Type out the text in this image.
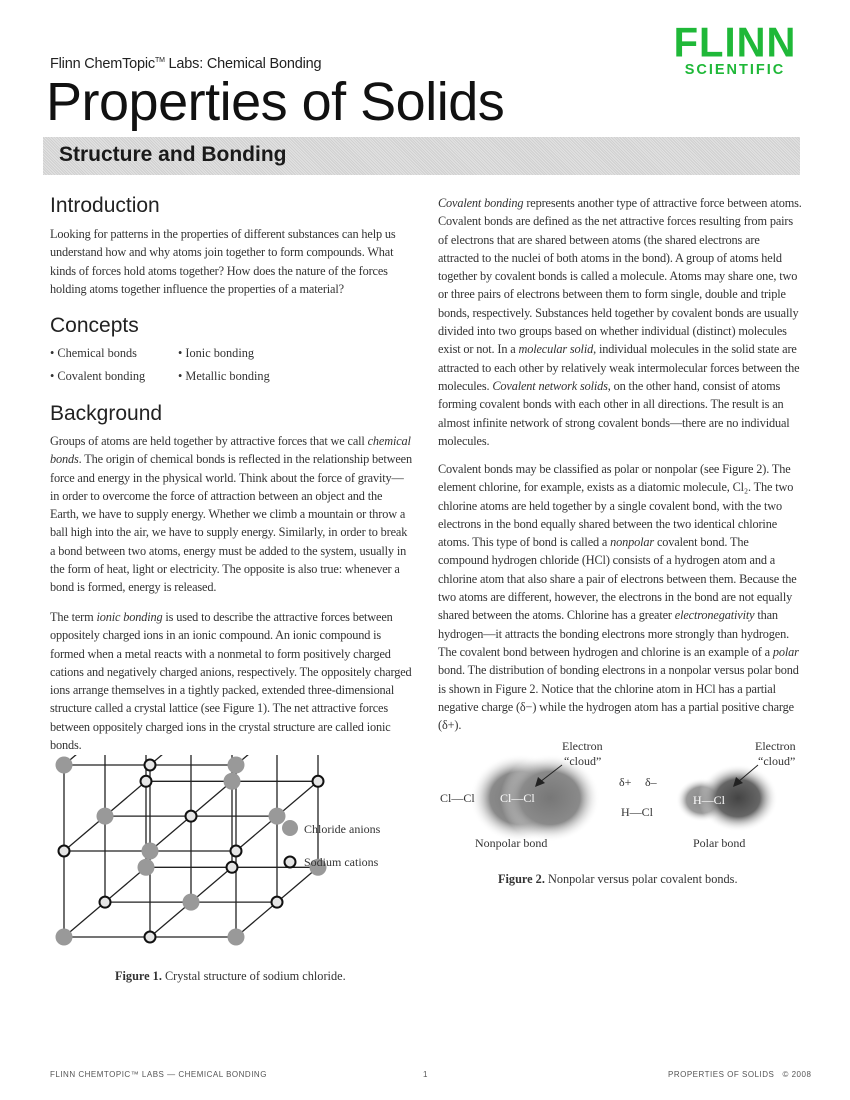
Flinn ChemTopic™ Labs: Chemical Bonding
Properties of Solids
FLINN
SCIENTIFIC
Structure and Bonding
Introduction

Looking for patterns in the properties of different substances can help us understand how and why atoms join together to form compounds. What kinds of forces hold atoms together? How does the nature of the forces holding atoms together influence the properties of a material?

Concepts
• Chemical bonds	• Ionic bonding
• Covalent bonding	• Metallic bonding
Background

Groups of atoms are held together by attractive forces that we call chemical bonds. The origin of chemical bonds is reflected in the relationship between force and energy in the physical world. Think about the force of gravity—in order to overcome the force of attraction between an object and the Earth, we have to supply energy. Whether we climb a mountain or throw a ball high into the air, we have to supply energy. Similarly, in order to break a bond between two atoms, energy must be added to the system, usually in the form of heat, light or electricity. The opposite is also true: whenever a bond is formed, energy is released.

The term ionic bonding is used to describe the attractive forces between oppositely charged ions in an ionic compound. An ionic compound is formed when a metal reacts with a nonmetal to form positively charged cations and negatively charged anions, respectively. The oppositely charged ions arrange themselves in a tightly packed, extended three-dimensional structure called a crystal lattice (see Figure 1). The net attractive forces between oppositely charged ions in the crystal structure are called ionic bonds.

Covalent bonding represents another type of attractive force between atoms. Covalent bonds are defined as the net attractive forces resulting from pairs of electrons that are shared between atoms (the shared electrons are attracted to the nuclei of both atoms in the bond). A group of atoms held together by covalent bonds is called a molecule. Atoms may share one, two or three pairs of electrons between them to form single, double and triple bonds, respectively. Substances held together by covalent bonds are usually divided into two groups based on whether individual (distinct) molecules exist or not. In a molecular solid, individual molecules in the solid state are attracted to each other by relatively weak intermolecular forces between the molecules. Covalent network solids, on the other hand, consist of atoms forming covalent bonds with each other in all directions. The result is an almost infinite network of strong covalent bonds—there are no individual molecules.

Covalent bonds may be classified as polar or nonpolar (see Figure 2). The element chlorine, for example, exists as a diatomic molecule, Cl₂. The two chlorine atoms are held together by a single covalent bond, with the two electrons in the bond equally shared between the two identical chlorine atoms. This type of bond is called a nonpolar covalent bond. The compound hydrogen chloride (HCl) consists of a hydrogen atom and a chlorine atom that also share a pair of electrons between them. Because the two atoms are different, however, the electrons in the bond are not equally shared between the atoms. Chlorine has a greater electronegativity than hydrogen—it attracts the bonding electrons more strongly than hydrogen. The covalent bond between hydrogen and chlorine is an example of a polar bond. The distribution of bonding electrons in a nonpolar versus polar bond is shown in Figure 2. Notice that the chlorine atom in HCl has a partial negative charge (δ−) while the hydrogen atom has a partial positive charge (δ+).

Chloride anions
Sodium cations
Figure 1. Crystal structure of sodium chloride.
Cl—Cl Cl—Cl
Nonpolar bond
Electron
“cloud”
δ+ δ–
H—Cl
H—Cl
Polar bond
Electron
“cloud”
Figure 2. Nonpolar versus polar covalent bonds.
FLINN CHEMTOPIC™ LABS — CHEMICAL BONDING	1	PROPERTIES OF SOLIDS   © 2008
